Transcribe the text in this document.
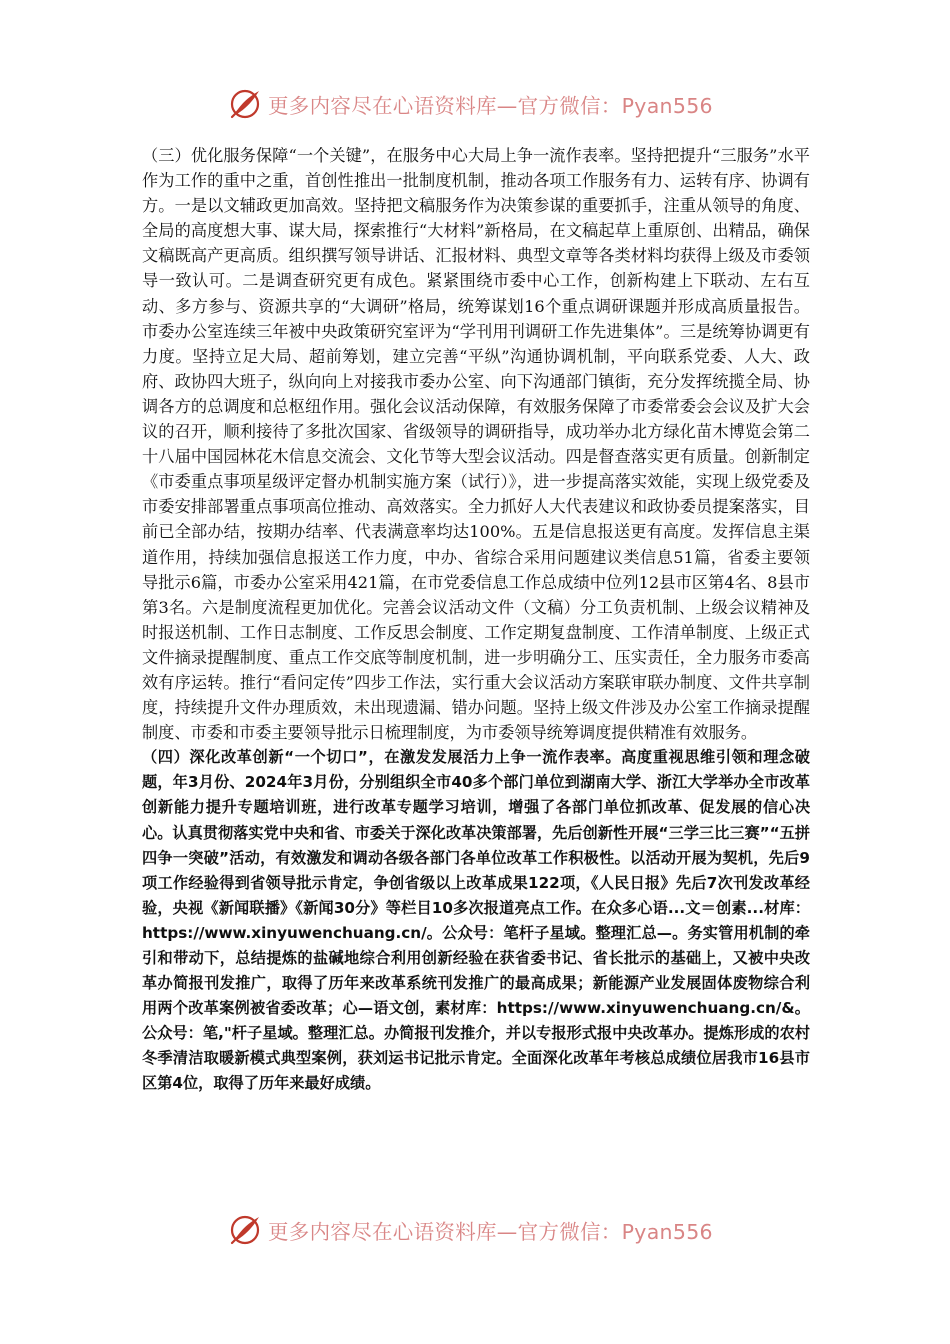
更多内容尽在心语资料库—官方微信：Pyan556

（三）优化服务保障“一个关键”，在服务中心大局上争一流作表率。坚持把提升“三服务”水平作为工作的重中之重，首创性推出一批制度机制，推动各项工作服务有力、运转有序、协调有方。一是以文辅政更加高效。坚持把文稿服务作为决策参谋的重要抓手，注重从领导的角度、全局的高度想大事、谋大局，探索推行“大材料”新格局，在文稿起草上重原创、出精品，确保文稿既高产更高质。组织撰写领导讲话、汇报材料、典型文章等各类材料均获得上级及市委领导一致认可。二是调查研究更有成色。紧紧围绕市委中心工作，创新构建上下联动、左右互动、多方参与、资源共享的“大调研”格局，统筹谋划16个重点调研课题并形成高质量报告。市委办公室连续三年被中央政策研究室评为“学刊用刊调研工作先进集体”。三是统筹协调更有力度。坚持立足大局、超前筹划，建立完善“平纵”沟通协调机制，平向联系党委、人大、政府、政协四大班子，纵向向上对接我市委办公室、向下沟通部门镇街，充分发挥统揽全局、协调各方的总调度和总枢纽作用。强化会议活动保障，有效服务保障了市委常委会会议及扩大会议的召开，顺利接待了多批次国家、省级领导的调研指导，成功举办北方绿化苗木博览会第二十八届中国园林花木信息交流会、文化节等大型会议活动。四是督查落实更有质量。创新制定《市委重点事项星级评定督办机制实施方案（试行）》，进一步提高落实效能，实现上级党委及市委安排部署重点事项高位推动、高效落实。全力抓好人大代表建议和政协委员提案落实，目前已全部办结，按期办结率、代表满意率均达100%。五是信息报送更有高度。发挥信息主渠道作用，持续加强信息报送工作力度，中办、省综合采用问题建议类信息51篇，省委主要领导批示6篇，市委办公室采用421篇，在市党委信息工作总成绩中位列12县市区第4名、8县市第3名。六是制度流程更加优化。完善会议活动文件（文稿）分工负责机制、上级会议精神及时报送机制、工作日志制度、工作反思会制度、工作定期复盘制度、工作清单制度、上级正式文件摘录提醒制度、重点工作交底等制度机制，进一步明确分工、压实责任，全力服务市委高效有序运转。推行“看问定传”四步工作法，实行重大会议活动方案联审联办制度、文件共享制度，持续提升文件办理质效，未出现遗漏、错办问题。坚持上级文件涉及办公室工作摘录提醒制度、市委和市委主要领导批示日梳理制度，为市委领导统筹调度提供精准有效服务。

（四）深化改革创新“一个切口”，在激发发展活力上争一流作表率。高度重视思维引领和理念破题，年3月份、2024年3月份，分别组织全市40多个部门单位到湖南大学、浙江大学举办全市改革创新能力提升专题培训班，进行改革专题学习培训，增强了各部门单位抓改革、促发展的信心决心。认真贯彻落实党中央和省、市委关于深化改革决策部署，先后创新性开展“三学三比三赛”“五拼四争一突破”活动，有效激发和调动各级各部门各单位改革工作积极性。以活动开展为契机，先后9项工作经验得到省领导批示肯定，争创省级以上改革成果122项，《人民日报》先后7次刊发改革经验，央视《新闻联播》《新闻30分》等栏目10多次报道亮点工作。在众多心语...文＝创素...材库：https://www.xinyuwenchuang.cn/。公众号：笔杆子星域。整理汇总—。务实管用机制的牵引和带动下，总结提炼的盐碱地综合利用创新经验在获省委书记、省长批示的基础上，又被中央改革办简报刊发推广，取得了历年来改革系统刊发推广的最高成果；新能源产业发展固体废物综合利用两个改革案例被省委改革；心—语文创，素材库：https://www.xinyuwenchuang.cn/&。公众号：笔,"杆子星域。整理汇总。办简报刊发推介，并以专报形式报中央改革办。提炼形成的农村冬季清洁取暖新模式典型案例，获刘运书记批示肯定。全面深化改革年考核总成绩位居我市16县市区第4位，取得了历年来最好成绩。

更多内容尽在心语资料库—官方微信：Pyan556
